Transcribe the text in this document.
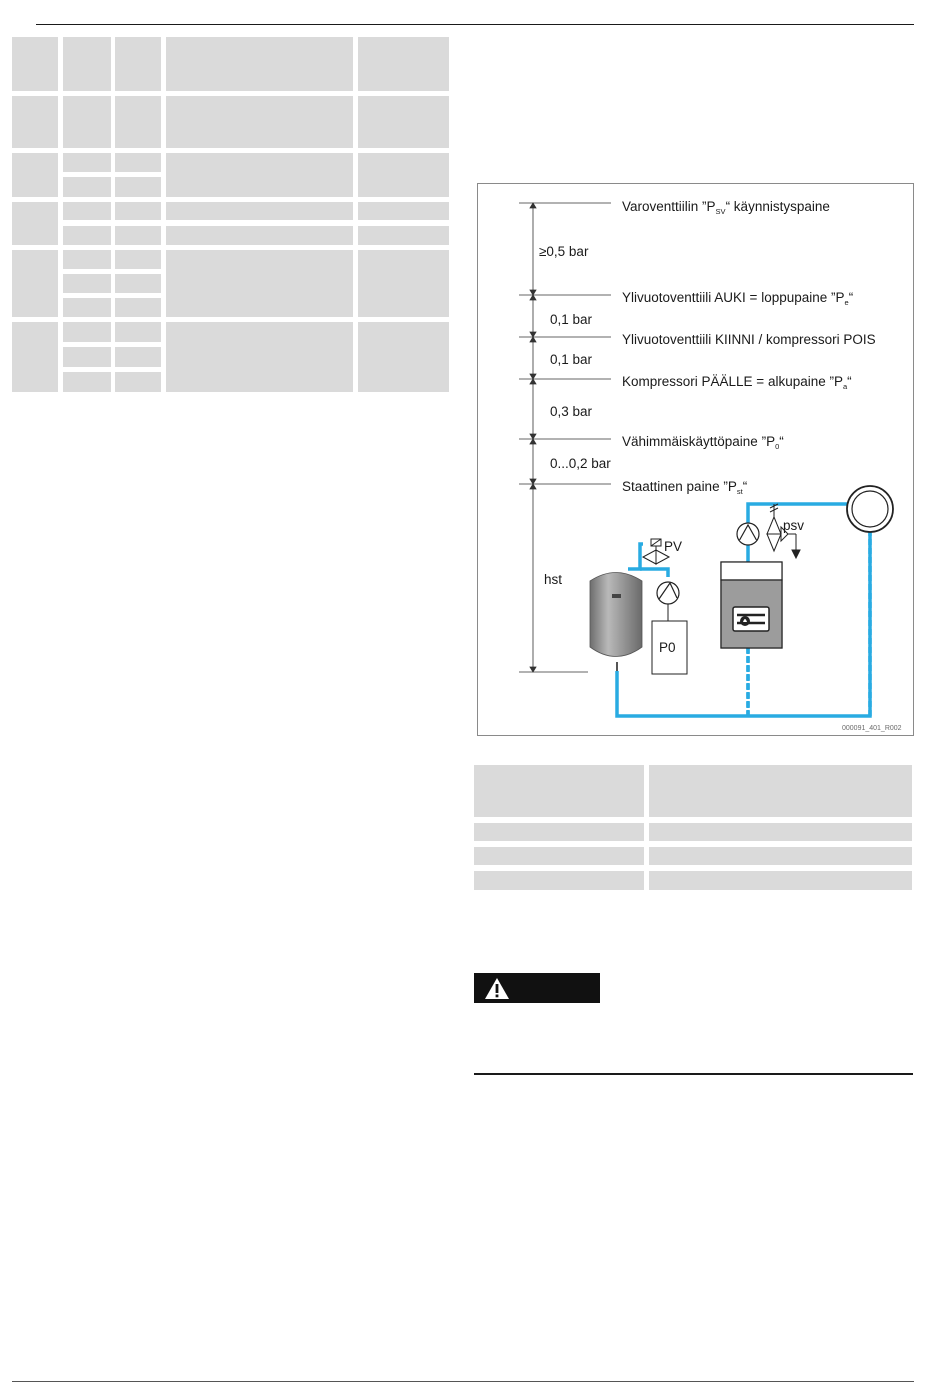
Varoventtiilin $”P_{SV}“$ käynnistyspaine
Ylivuotoventtiili AUKI = loppupaine $”P_e“$
Ylivuotoventtiili KIINNI / kompressori POIS
Kompressori PÄÄLLE = alkupaine $”P_a“$
Vähimmäiskäyttöpaine $”P_0“$
Staattinen paine $”P_{st}“$
≥0,5 bar
0,1 bar
0,1 bar
0,3 bar
0...0,2 bar
hst
PV
P0
psv
000091_401_R002
